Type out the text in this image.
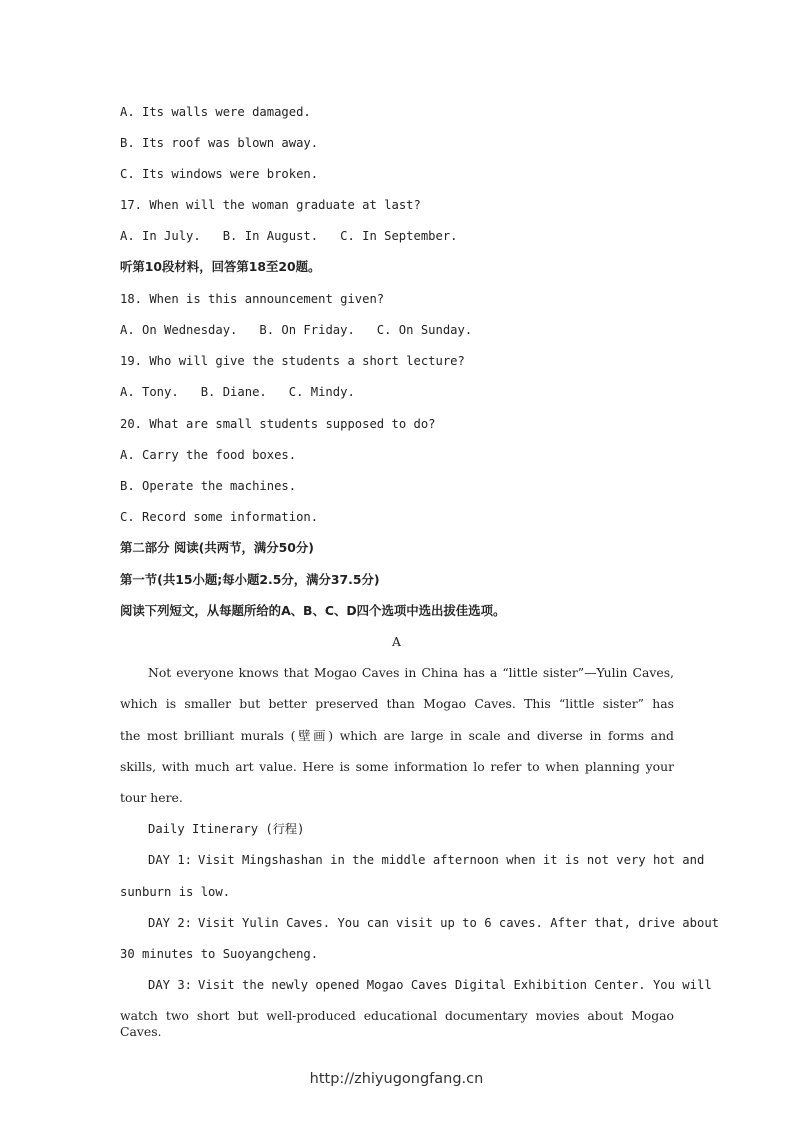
A. Its walls were damaged.
B. Its roof was blown away.
C. Its windows were broken.
17. When will the woman graduate at last?
A. In July. B. In August. C. In September.
听第10段材料，回答第18至20题。
18. When is this announcement given?
A. On Wednesday. B. On Friday. C. On Sunday.
19. Who will give the students a short lecture?
A. Tony. B. Diane. C. Mindy.
20. What are small students supposed to do?
A. Carry the food boxes.
B. Operate the machines.
C. Record some information.
第二部分 阅读(共两节，满分50分)
第一节(共15小题;每小题2.5分，满分37.5分)
阅读下列短文，从每题所给的A、B、C、D四个选项中选出拔佳选项。
A
Not everyone knows that Mogao Caves in China has a “little sister”—Yulin Caves,
which is smaller but better preserved than Mogao Caves. This “little sister” has
the most brilliant murals (壁画) which are large in scale and diverse in forms and
skills, with much art value. Here is some information lo refer to when planning your
tour here.
Daily Itinerary (行程)
DAY 1: Visit Mingshashan in the middle afternoon when it is not very hot and
sunburn is low.
DAY 2: Visit Yulin Caves. You can visit up to 6 caves. After that, drive about
30 minutes to Suoyangcheng.
DAY 3: Visit the newly opened Mogao Caves Digital Exhibition Center. You will
watch two short but well-produced educational documentary movies about Mogao Caves.
http://zhiyugongfang.cn
